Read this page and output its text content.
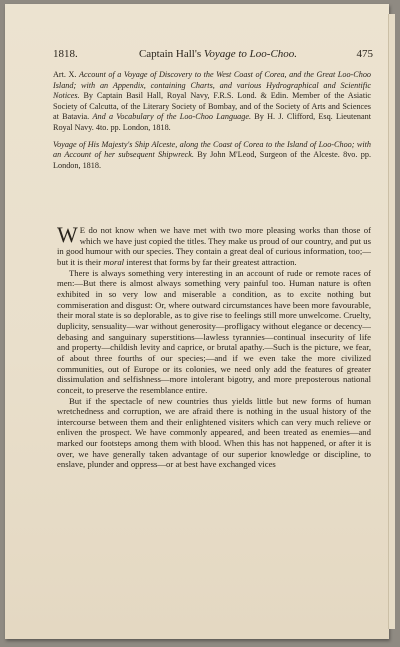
1818.	Captain Hall's Voyage to Loo-Choo.	475

Art. X. Account of a Voyage of Discovery to the West Coast of Corea, and the Great Loo-Choo Island; with an Appendix, containing Charts, and various Hydrographical and Scientific Notices. By Captain Basil Hall, Royal Navy, F.R.S. Lond. & Edin. Member of the Asiatic Society of Calcutta, of the Literary Society of Bombay, and of the Society of Arts and Sciences at Batavia. And a Vocabulary of the Loo-Choo Language. By H. J. Clifford, Esq. Lieutenant Royal Navy. 4to. pp. London, 1818.

Voyage of His Majesty's Ship Alceste, along the Coast of Corea to the Island of Loo-Choo; with an Account of her subsequent Shipwreck. By John M'Leod, Surgeon of the Alceste. 8vo. pp. London, 1818.

W E do not know when we have met with two more pleasing works than those of which we have just copied the titles. They make us proud of our country, and put us in good humour with our species. They contain a great deal of curious information, too;—but it is their moral interest that forms by far their greatest attraction.

There is always something very interesting in an account of rude or remote races of men:—But there is almost always something very painful too. Human nature is often exhibited in so very low and miserable a condition, as to excite nothing but commiseration and disgust: Or, where outward circumstances have been more favourable, their moral state is so deplorable, as to give rise to feelings still more unwelcome. Cruelty, duplicity, sensuality—war without generosity—profligacy without elegance or decency—debasing and sanguinary superstitions—lawless tyrannies—continual insecurity of life and property—childish levity and caprice, or brutal apathy.—Such is the picture, we fear, of about three fourths of our species;—and if we even take the more civilized communities, out of Europe or its colonies, we need only add the features of greater dissimulation and selfishness—more intolerant bigotry, and more preposterous national conceit, to preserve the resemblance entire.

But if the spectacle of new countries thus yields little but new forms of human wretchedness and corruption, we are afraid there is nothing in the usual history of the intercourse between them and their enlightened visiters which can very much relieve or enliven the prospect. We have commonly appeared, and been treated as enemies—and marked our footsteps among them with blood. When this has not happened, or after it is over, we have generally taken advantage of our superior knowledge or discipline, to enslave, plunder and oppress—or at best have exchanged vices
